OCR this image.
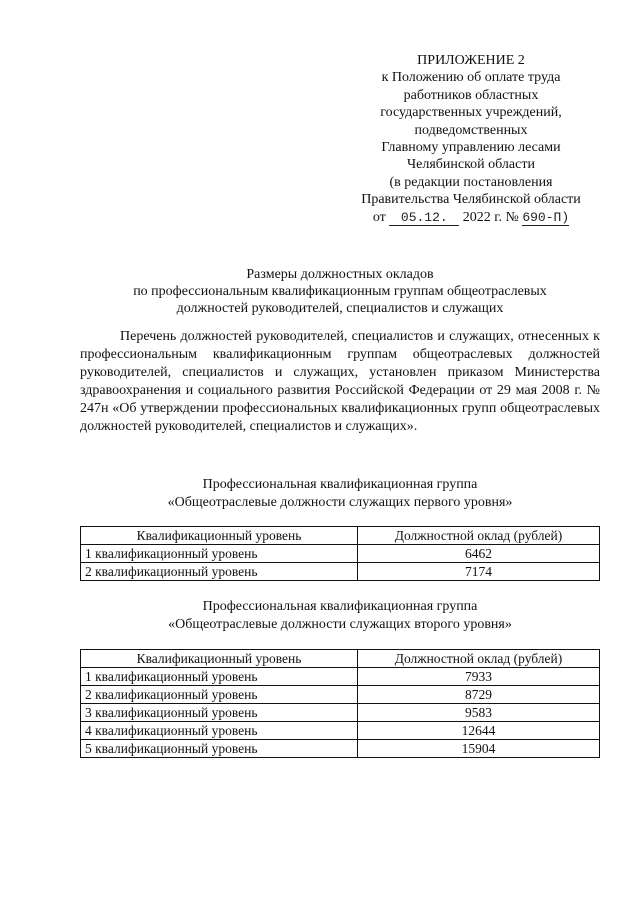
ПРИЛОЖЕНИЕ 2
к Положению об оплате труда
работников областных
государственных учреждений,
подведомственных
Главному управлению лесами
Челябинской области
(в редакции постановления
Правительства Челябинской области
от 05.12. 2022 г. № 690-П)
Размеры должностных окладов
по профессиональным квалификационным группам общеотраслевых
должностей руководителей, специалистов и служащих

Перечень должностей руководителей, специалистов и служащих, отнесенных к профессиональным квалификационным группам общеотраслевых должностей руководителей, специалистов и служащих, установлен приказом Министерства здравоохранения и социального развития Российской Федерации от 29 мая 2008 г. № 247н «Об утверждении профессиональных квалификационных групп общеотраслевых должностей руководителей, специалистов и служащих».

Профессиональная квалификационная группа
«Общеотраслевые должности служащих первого уровня»
Квалификационный уровень	Должностной оклад (рублей)
1 квалификационный уровень	6462
2 квалификационный уровень	7174
Профессиональная квалификационная группа
«Общеотраслевые должности служащих второго уровня»
Квалификационный уровень	Должностной оклад (рублей)
1 квалификационный уровень	7933
2 квалификационный уровень	8729
3 квалификационный уровень	9583
4 квалификационный уровень	12644
5 квалификационный уровень	15904
